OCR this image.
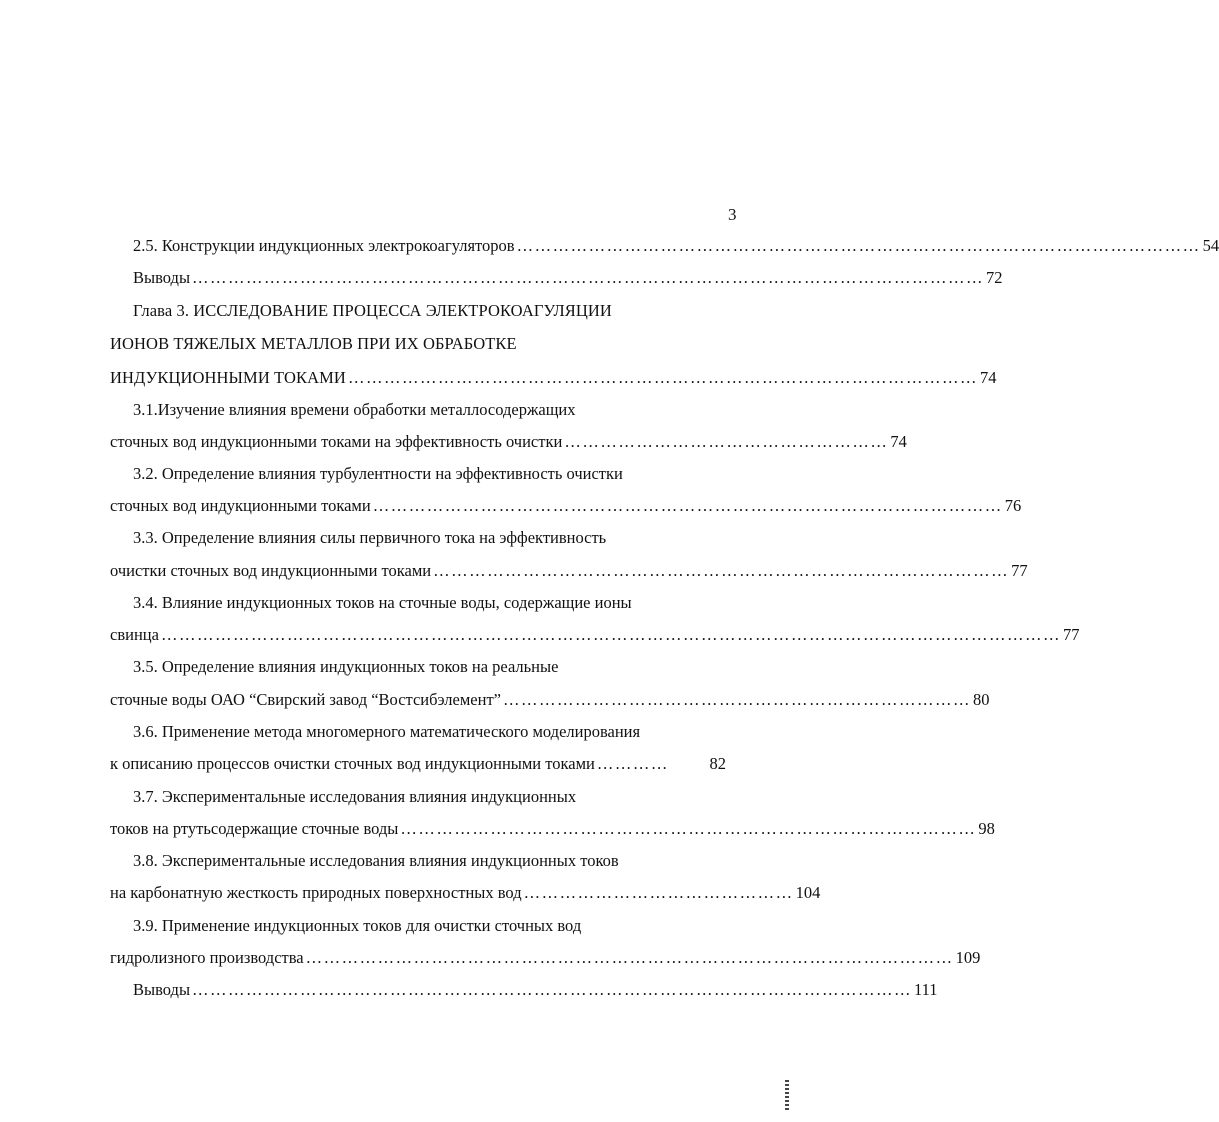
3
2.5. Конструкции индукционных электрокоагуляторов …………………………………………………………………………………………………… 54
Выводы …………………………………………………………………………………………………………………… 72
Глава 3. ИССЛЕДОВАНИЕ ПРОЦЕССА ЭЛЕКТРОКОАГУЛЯЦИИ
ИОНОВ ТЯЖЕЛЫХ МЕТАЛЛОВ ПРИ ИХ ОБРАБОТКЕ
ИНДУКЦИОННЫМИ ТОКАМИ …………………………………………………………………………………………… 74
3.1.Изучение влияния времени обработки металлосодержащих
сточных вод индукционными токами на эффективность очистки ……………………………………………… 74
3.2. Определение влияния турбулентности на эффективность очистки
сточных вод индукционными токами …………………………………………………………………………………………… 76
3.3. Определение влияния силы первичного тока на эффективность
очистки сточных вод индукционными токами …………………………………………………………………………………… 77
3.4. Влияние индукционных токов на сточные воды, содержащие ионы
свинца …………………………………………………………………………………………………………………………………… 77
3.5. Определение влияния индукционных токов на реальные
сточные воды ОАО “Свирский завод “Востсибэлемент” …………………………………………………………………… 80
3.6. Применение метода многомерного математического моделирования
к описанию процессов очистки сточных вод индукционными токами …………	82
3.7. Экспериментальные исследования влияния индукционных
токов на ртутьсодержащие сточные воды …………………………………………………………………………………… 98
3.8. Экспериментальные исследования влияния индукционных токов
на карбонатную жесткость природных поверхностных вод ……………………………………… 104
3.9. Применение индукционных токов для очистки сточных вод
гидролизного производства ……………………………………………………………………………………………… 109
Выводы ………………………………………………………………………………………………………… 111
